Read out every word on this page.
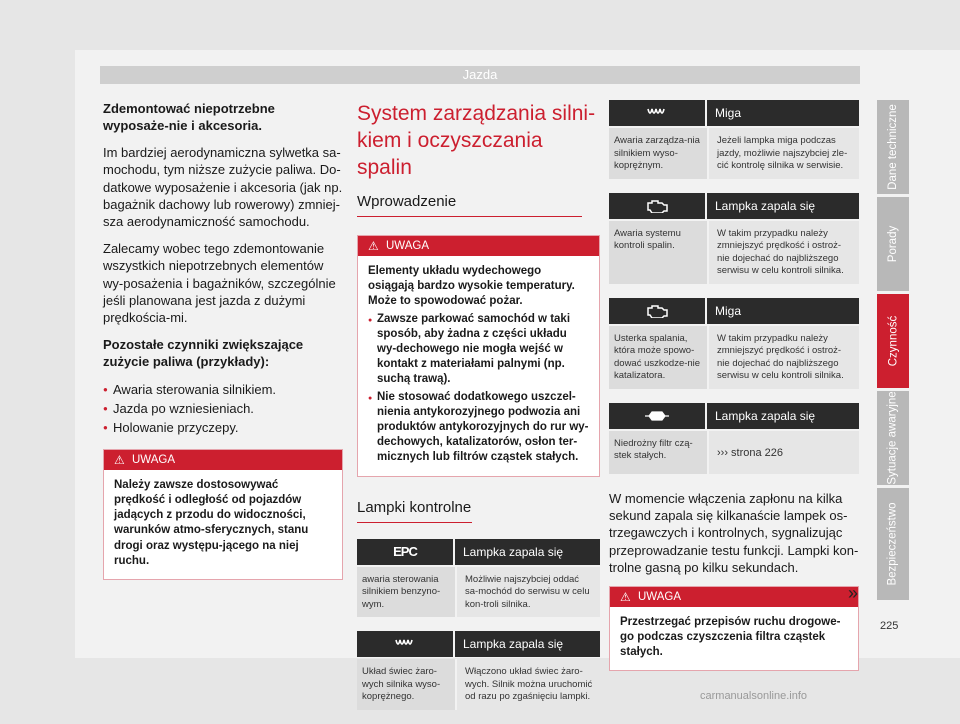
Jazda

Zdemontować niepotrzebne wyposaże-nie i akcesoria.

Im bardziej aerodynamiczna sylwetka sa-mochodu, tym niższe zużycie paliwa. Do-datkowe wyposażenie i akcesoria (jak np. bagażnik dachowy lub rowerowy) zmniej-sza aerodynamiczność samochodu.

Zalecamy wobec tego zdemontowanie wszystkich niepotrzebnych elementów wy-posażenia i bagażników, szczególnie jeśli planowana jest jazda z dużymi prędkościa-mi.

Pozostałe czynniki zwiększające zużycie paliwa (przykłady):

● Awaria sterowania silnikiem.
● Jazda po wzniesieniach.
● Holowanie przyczepy.
⚠ UWAGA
Należy zawsze dostosowywać prędkość i odległość od pojazdów jadących z przodu do widoczności, warunków atmo-sferycznych, stanu drogi oraz występu-jącego na niej ruchu.
System zarządzania silni-kiem i oczyszczania spalin
Wprowadzenie
⚠ UWAGA
Elementy układu wydechowego osiągają bardzo wysokie temperatury. Może to spowodować pożar.
● Zawsze parkować samochód w taki sposób, aby żadna z części układu wy-dechowego nie mogła wejść w kontakt z materiałami palnymi (np. suchą trawą).
● Nie stosować dodatkowego uszczel-nienia antykorozyjnego podwozia ani produktów antykorozyjnych do rur wy-dechowych, katalizatorów, osłon ter-micznych lub filtrów cząstek stałych.
Lampki kontrolne
EPC	Lampka zapala się
awaria sterowania silnikiem benzyno-wym.
Możliwie najszybciej oddać sa-mochód do serwisu w celu kon-troli silnika.
Lampka zapala się
Układ świec żaro-wych silnika wyso-koprężnego.
Włączono układ świec żaro-wych. Silnik można uruchomić od razu po zgaśnięciu lampki.
Miga
Awaria zarządza-nia silnikiem wyso-koprężnym.
Jeżeli lampka miga podczas jazdy, możliwie najszybciej zle-cić kontrolę silnika w serwisie.
Lampka zapala się
Awaria systemu kontroli spalin.
W takim przypadku należy zmniejszyć prędkość i ostroż-nie dojechać do najbliższego serwisu w celu kontroli silnika.
Miga
Usterka spalania, która może spowo-dować uszkodze-nie katalizatora.
W takim przypadku należy zmniejszyć prędkość i ostroż-nie dojechać do najbliższego serwisu w celu kontroli silnika.
Lampka zapala się
Niedrożny filtr czą-stek stałych.	››› strona 226

W momencie włączenia zapłonu na kilka sekund zapala się kilkanaście lampek os-trzegawczych i kontrolnych, sygnalizując przeprowadzanie testu funkcji. Lampki kon-trolne gasną po kilku sekundach.

⚠ UWAGA
Przestrzegać przepisów ruchu drogowe-go podczas czyszczenia filtra cząstek stałych.
»
Dane techniczne
Porady
Czynność
Sytuacje awaryjne
Bezpieczeństwo
225
carmanualsonline.info
